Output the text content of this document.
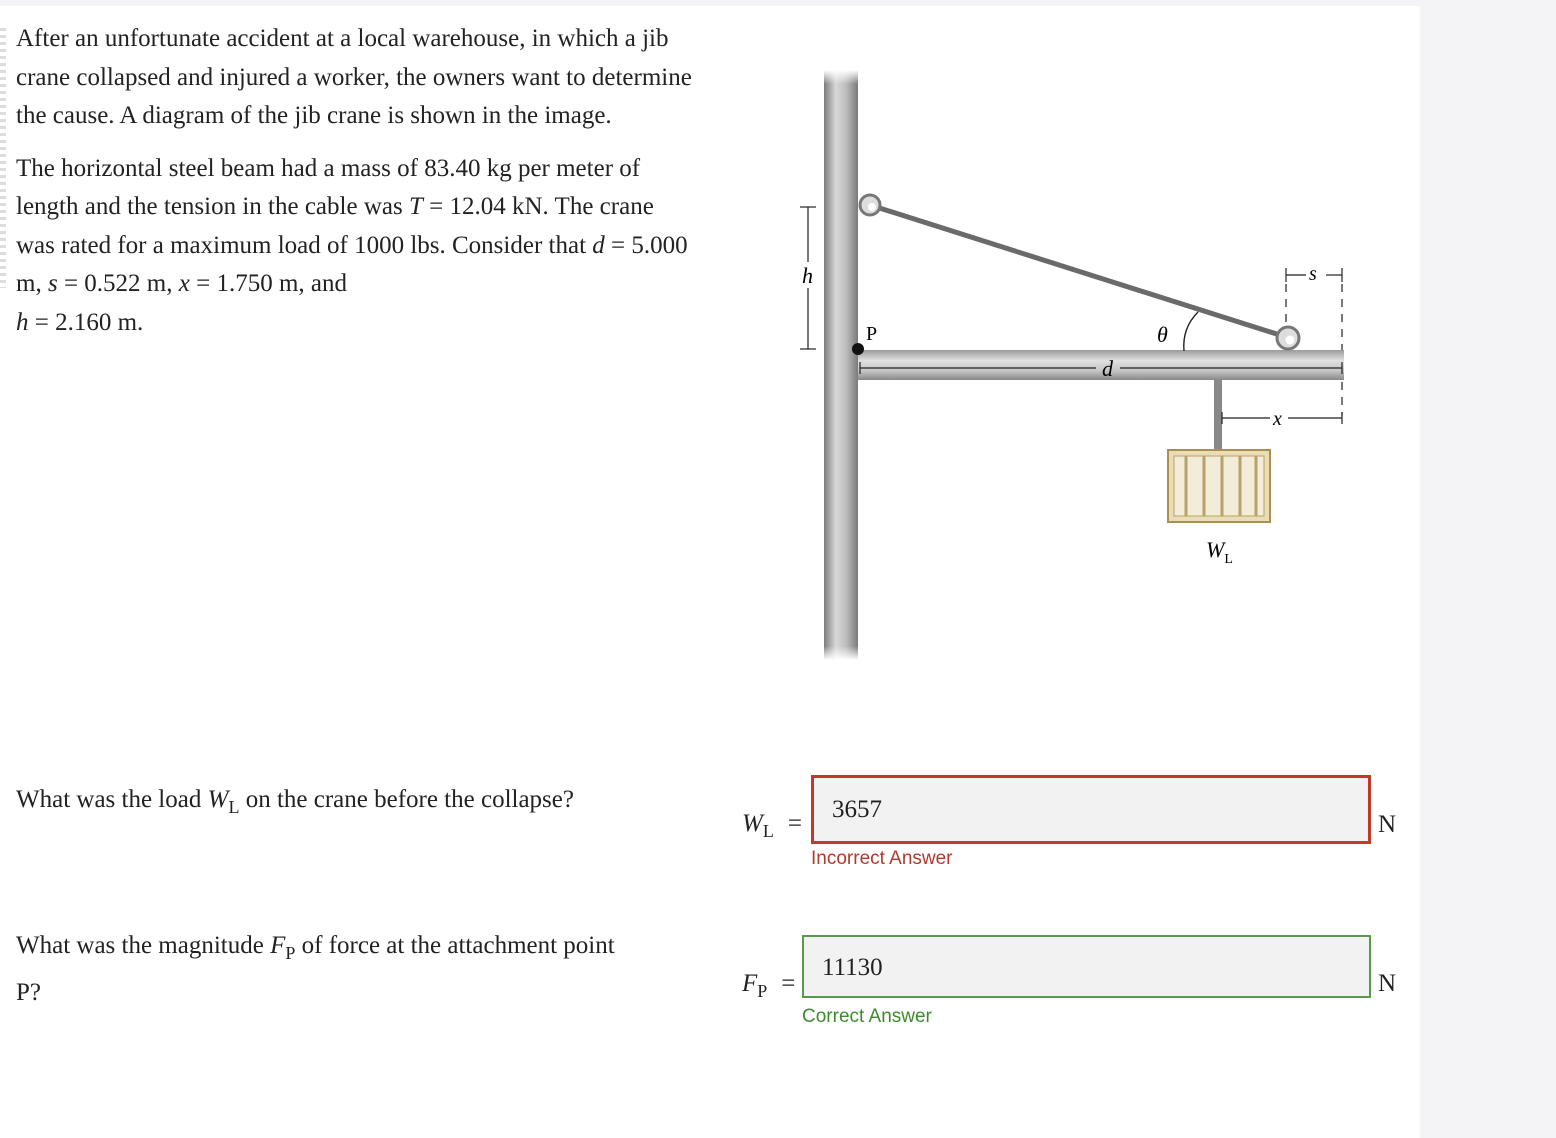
After an unfortunate accident at a local warehouse, in which a jib crane collapsed and injured a worker, the owners want to determine the cause. A diagram of the jib crane is shown in the image.

The horizontal steel beam had a mass of 83.40 kg per meter of length and the tension in the cable was T = 12.04 kN. The crane was rated for a maximum load of 1000 lbs. Consider that d = 5.000 m, s = 0.522 m, x = 1.750 m, and
h = 2.160 m.	θ
h
P
d
s
x
$W_L$
What was the load $W_L$ on the crane before the collapse?
$W_L$ =
3657
N
Incorrect Answer
What was the magnitude $F_P$ of force at the attachment point P?	$F_P$ =
11130
N
Correct Answer
